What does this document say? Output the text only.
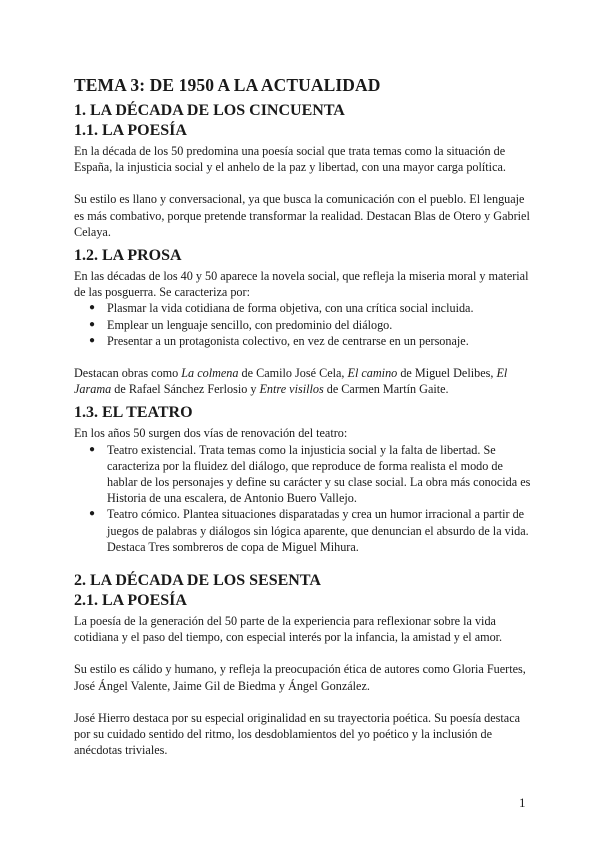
TEMA 3: DE 1950 A LA ACTUALIDAD
1. LA DÉCADA DE LOS CINCUENTA
1.1. LA POESÍA

En la década de los 50 predomina una poesía social que trata temas como la situación de España, la injusticia social y el anhelo de la paz y libertad, con una mayor carga política.

Su estilo es llano y conversacional, ya que busca la comunicación con el pueblo. El lenguaje es más combativo, porque pretende transformar la realidad. Destacan Blas de Otero y Gabriel Celaya.

1.2. LA PROSA

En las décadas de los 40 y 50 aparece la novela social, que refleja la miseria moral y material de las posguerra. Se caracteriza por:

● Plasmar la vida cotidiana de forma objetiva, con una crítica social incluida.
● Emplear un lenguaje sencillo, con predominio del diálogo.
● Presentar a un protagonista colectivo, en vez de centrarse en un personaje.

Destacan obras como La colmena de Camilo José Cela, El camino de Miguel Delibes, El Jarama de Rafael Sánchez Ferlosio y Entre visillos de Carmen Martín Gaite.

1.3. EL TEATRO

En los años 50 surgen dos vías de renovación del teatro:

● Teatro existencial. Trata temas como la injusticia social y la falta de libertad. Se caracteriza por la fluidez del diálogo, que reproduce de forma realista el modo de hablar de los personajes y define su carácter y su clase social. La obra más conocida es Historia de una escalera, de Antonio Buero Vallejo.
● Teatro cómico. Plantea situaciones disparatadas y crea un humor irracional a partir de juegos de palabras y diálogos sin lógica aparente, que denuncian el absurdo de la vida. Destaca Tres sombreros de copa de Miguel Mihura.
2. LA DÉCADA DE LOS SESENTA
2.1. LA POESÍA

La poesía de la generación del 50 parte de la experiencia para reflexionar sobre la vida cotidiana y el paso del tiempo, con especial interés por la infancia, la amistad y el amor.

Su estilo es cálido y humano, y refleja la preocupación ética de autores como Gloria Fuertes, José Ángel Valente, Jaime Gil de Biedma y Ángel González.

José Hierro destaca por su especial originalidad en su trayectoria poética. Su poesía destaca por su cuidado sentido del ritmo, los desdoblamientos del yo poético y la inclusión de anécdotas triviales.

1
